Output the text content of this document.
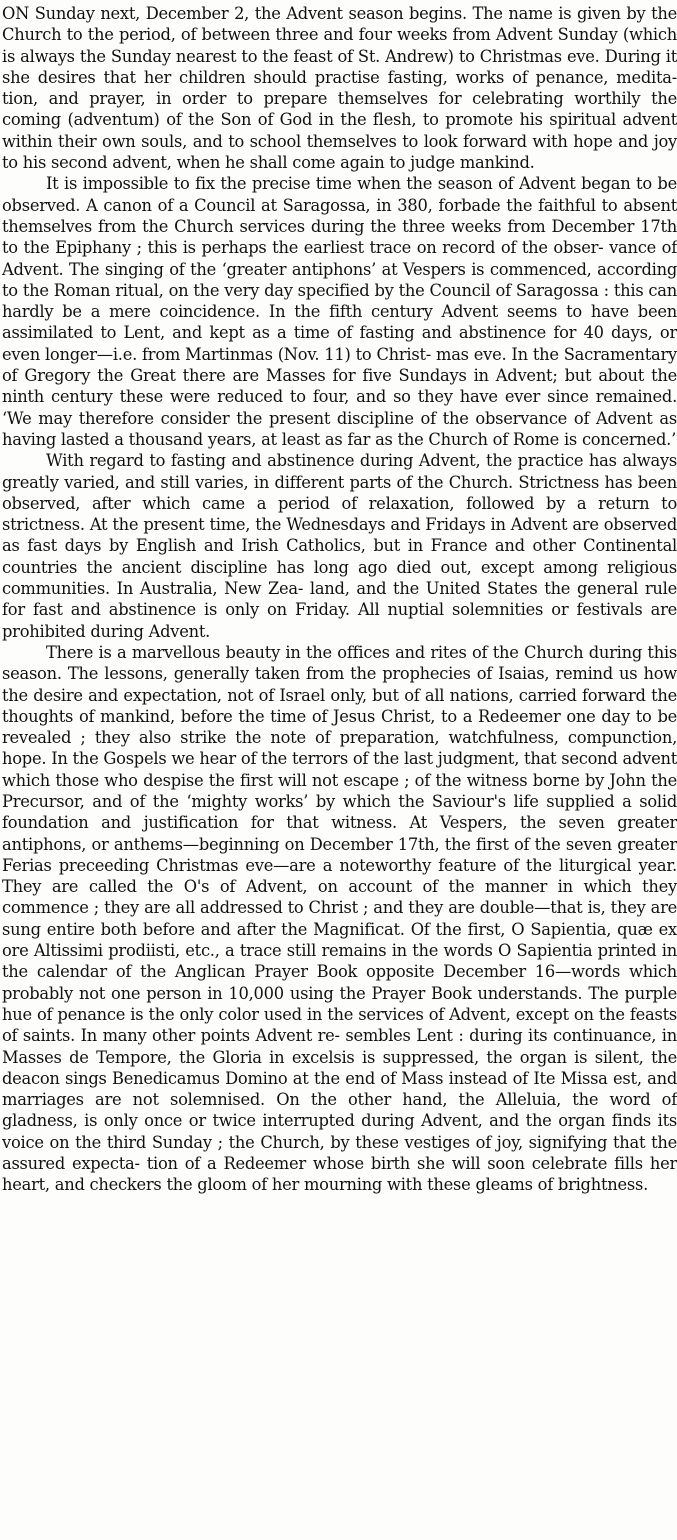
ON Sunday next, December 2, the Advent season begins. The name is given by the Church to the period, of between three and four weeks from Advent Sunday (which is always the Sunday nearest to the feast of St. Andrew) to Christmas eve. During it she desires that her children should practise fasting, works of penance, medita- tion, and prayer, in order to prepare themselves for celebrating worthily the coming (adventum) of the Son of God in the flesh, to promote his spiritual advent within their own souls, and to school themselves to look forward with hope and joy to his second advent, when he shall come again to judge mankind.

It is impossible to fix the precise time when the season of Advent began to be observed. A canon of a Council at Saragossa, in 380, forbade the faithful to absent themselves from the Church services during the three weeks from December 17th to the Epiphany ; this is perhaps the earliest trace on record of the obser- vance of Advent. The singing of the ‘greater antiphons’ at Vespers is commenced, according to the Roman ritual, on the very day specified by the Council of Saragossa : this can hardly be a mere coincidence. In the fifth century Advent seems to have been assimilated to Lent, and kept as a time of fasting and abstinence for 40 days, or even longer—i.e. from Martinmas (Nov. 11) to Christ- mas eve. In the Sacramentary of Gregory the Great there are Masses for five Sundays in Advent; but about the ninth century these were reduced to four, and so they have ever since remained. ‘We may therefore consider the present discipline of the observance of Advent as having lasted a thousand years, at least as far as the Church of Rome is concerned.’

With regard to fasting and abstinence during Advent, the practice has always greatly varied, and still varies, in different parts of the Church. Strictness has been observed, after which came a period of relaxation, followed by a return to strictness. At the present time, the Wednesdays and Fridays in Advent are observed as fast days by English and Irish Catholics, but in France and other Continental countries the ancient discipline has long ago died out, except among religious communities. In Australia, New Zea- land, and the United States the general rule for fast and abstinence is only on Friday. All nuptial solemnities or festivals are prohibited during Advent.

There is a marvellous beauty in the offices and rites of the Church during this season. The lessons, generally taken from the prophecies of Isaias, remind us how the desire and expectation, not of Israel only, but of all nations, carried forward the thoughts of mankind, before the time of Jesus Christ, to a Redeemer one day to be revealed ; they also strike the note of preparation, watchfulness, compunction, hope. In the Gospels we hear of the terrors of the last judgment, that second advent which those who despise the first will not escape ; of the witness borne by John the Precursor, and of the ‘mighty works’ by which the Saviour's life supplied a solid foundation and justification for that witness. At Vespers, the seven greater antiphons, or anthems—beginning on December 17th, the first of the seven greater Ferias preceeding Christmas eve—are a noteworthy feature of the liturgical year. They are called the O's of Advent, on account of the manner in which they commence ; they are all addressed to Christ ; and they are double—that is, they are sung entire both before and after the Magnificat. Of the first, O Sapientia, quæ ex ore Altissimi prodiisti, etc., a trace still remains in the words O Sapientia printed in the calendar of the Anglican Prayer Book opposite December 16—words which probably not one person in 10,000 using the Prayer Book understands. The purple hue of penance is the only color used in the services of Advent, except on the feasts of saints. In many other points Advent re- sembles Lent : during its continuance, in Masses de Tempore, the Gloria in excelsis is suppressed, the organ is silent, the deacon sings Benedicamus Domino at the end of Mass instead of Ite Missa est, and marriages are not solemnised. On the other hand, the Alleluia, the word of gladness, is only once or twice interrupted during Advent, and the organ finds its voice on the third Sunday ; the Church, by these vestiges of joy, signifying that the assured expecta- tion of a Redeemer whose birth she will soon celebrate fills her heart, and checkers the gloom of her mourning with these gleams of brightness.
